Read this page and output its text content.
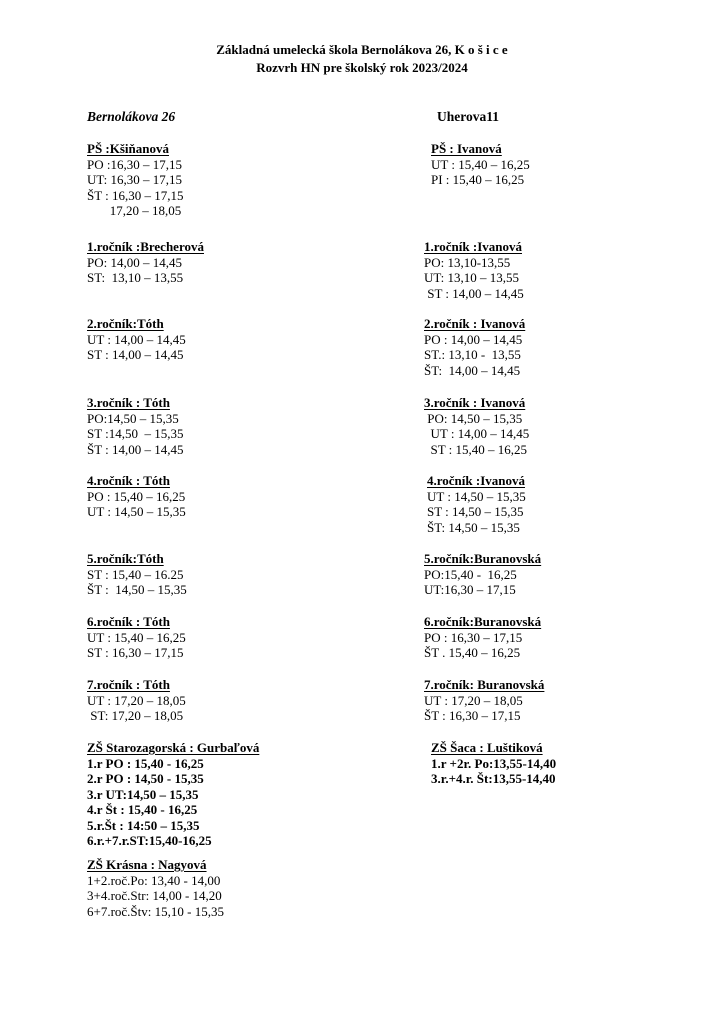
Základná umelecká škola Bernolákova 26, K o š i c e
Rozvrh HN pre školský rok 2023/2024
Bernolákova 26	Uherova11
PŠ :Kšiňanová
PO :16,30 – 17,15
UT: 16,30 – 17,15
ŠT : 16,30 – 17,15
17,20 – 18,05
1.ročník :Brecherová
PO: 14,00 – 14,45
ST:  13,10 – 13,55
2.ročník:Tóth
UT : 14,00 – 14,45
ST : 14,00 – 14,45
3.ročník : Tóth
PO:14,50 – 15,35
ST :14,50  – 15,35
ŠT : 14,00 – 14,45
4.ročník : Tóth
PO : 15,40 – 16,25
UT : 14,50 – 15,35
5.ročník:Tóth
ST : 15,40 – 16.25
ŠT :  14,50 – 15,35
6.ročník : Tóth
UT : 15,40 – 16,25
ST : 16,30 – 17,15
7.ročník : Tóth
UT : 17,20 – 18,05
ST: 17,20 – 18,05
ZŠ Starozagorská : Gurbaľová
1.r PO : 15,40 - 16,25
2.r PO : 14,50 - 15,35
3.r UT:14,50 – 15,35
4.r Št : 15,40 - 16,25
5.r.Št : 14:50 – 15,35
6.r.+7.r.ST:15,40-16,25
ZŠ Krásna : Nagyová
1+2.roč.Po: 13,40 - 14,00
3+4.roč.Str: 14,00 - 14,20
6+7.roč.Štv: 15,10 - 15,35
PŠ : Ivanová
UT : 15,40 – 16,25
PI : 15,40 – 16,25
1.ročník :Ivanová
PO: 13,10-13,55
UT: 13,10 – 13,55
ST : 14,00 – 14,45
2.ročník : Ivanová
PO : 14,00 – 14,45
ST.: 13,10 -  13,55
ŠT:  14,00 – 14,45
3.ročník : Ivanová
PO: 14,50 – 15,35
UT : 14,00 – 14,45
ST : 15,40 – 16,25
4.ročník :Ivanová
UT : 14,50 – 15,35
ST : 14,50 – 15,35
ŠT: 14,50 – 15,35
5.ročník:Buranovská
PO:15,40 -  16,25
UT:16,30 – 17,15
6.ročník:Buranovská
PO : 16,30 – 17,15
ŠT . 15,40 – 16,25
7.ročník: Buranovská
UT : 17,20 – 18,05
ŠT : 16,30 – 17,15
ZŠ Šaca : Luštiková
1.r +2r. Po:13,55-14,40
3.r.+4.r. Št:13,55-14,40
